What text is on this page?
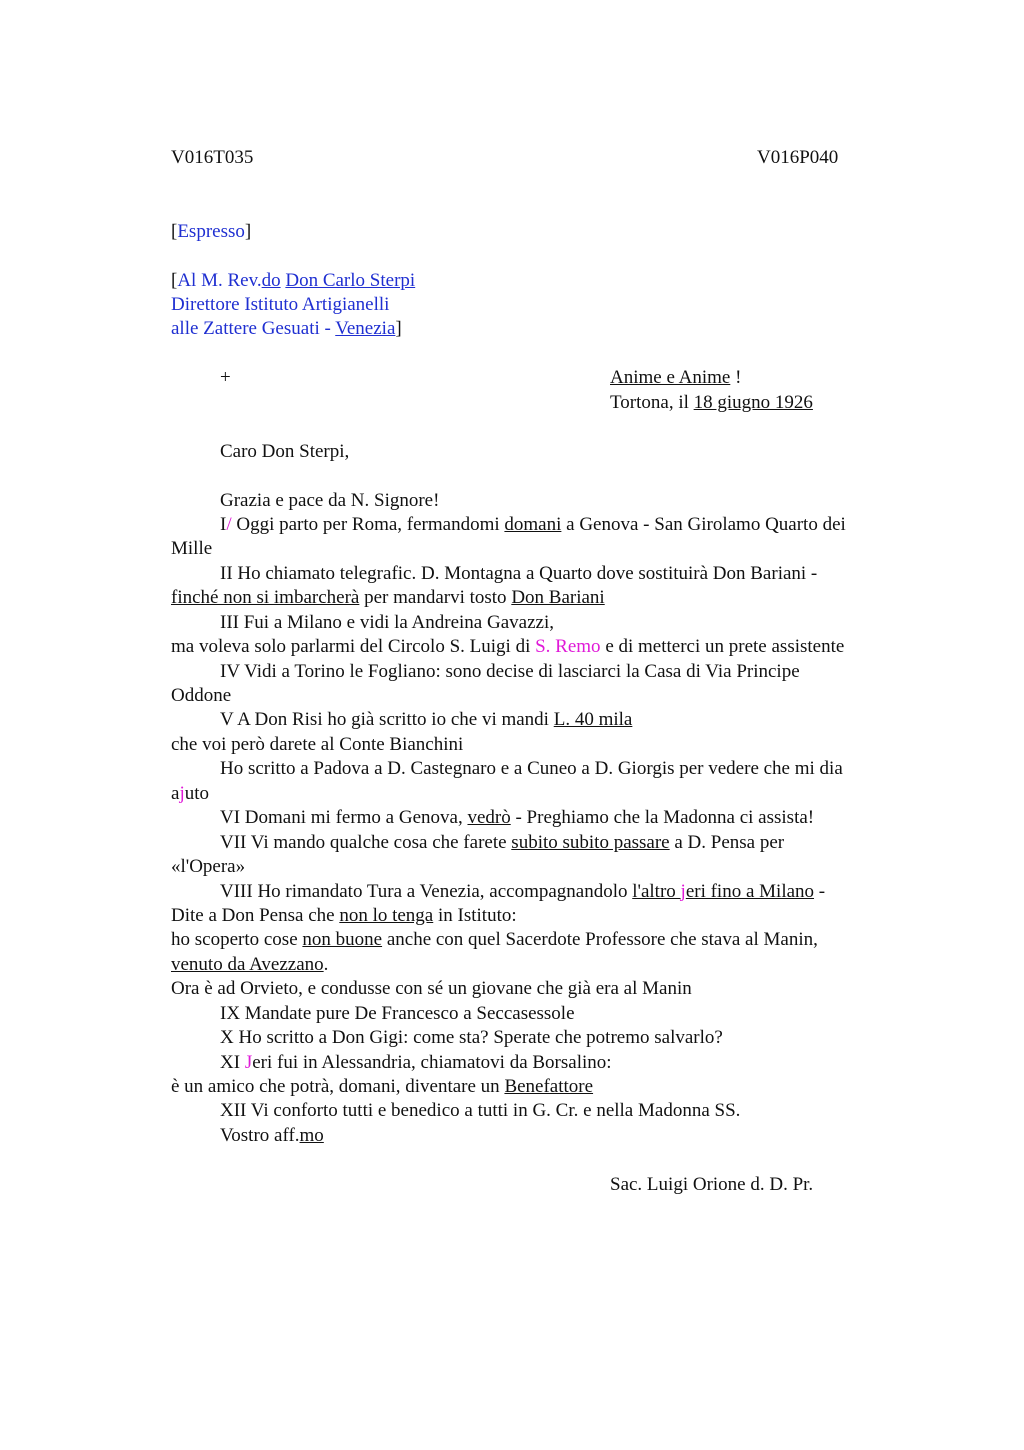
V016T035	V016P040
[Espresso]
[Al M. Rev.do Don Carlo Sterpi
Direttore Istituto Artigianelli
alle Zattere Gesuati - Venezia]
+	Anime e Anime !
Tortona, il 18 giugno 1926
Caro Don Sterpi,
Grazia e pace da N. Signore!
I/ Oggi parto per Roma, fermandomi domani a Genova - San Girolamo Quarto dei
Mille
II Ho chiamato telegrafic. D. Montagna a Quarto dove sostituirà Don Bariani -
finché non si imbarcherà per mandarvi tosto Don Bariani
III Fui a Milano e vidi la Andreina Gavazzi,
ma voleva solo parlarmi del Circolo S. Luigi di S. Remo e di metterci un prete assistente
IV Vidi a Torino le Fogliano: sono decise di lasciarci la Casa di Via Principe
Oddone
V A Don Risi ho già scritto io che vi mandi L. 40 mila
che voi però darete al Conte Bianchini
Ho scritto a Padova a D. Castegnaro e a Cuneo a D. Giorgis per vedere che mi dia
ajuto
VI Domani mi fermo a Genova, vedrò - Preghiamo che la Madonna ci assista!
VII Vi mando qualche cosa che farete subito subito passare a D. Pensa per
«l'Opera»
VIII Ho rimandato Tura a Venezia, accompagnandolo l'altro jeri fino a Milano -
Dite a Don Pensa che non lo tenga in Istituto:
ho scoperto cose non buone anche con quel Sacerdote Professore che stava al Manin,
venuto da Avezzano.
Ora è ad Orvieto, e condusse con sé un giovane che già era al Manin
IX Mandate pure De Francesco a Seccasessole
X Ho scritto a Don Gigi: come sta? Sperate che potremo salvarlo?
XI Jeri fui in Alessandria, chiamatovi da Borsalino:
è un amico che potrà, domani, diventare un Benefattore
XII Vi conforto tutti e benedico a tutti in G. Cr. e nella Madonna SS.
Vostro aff.mo
Sac. Luigi Orione d. D. Pr.
